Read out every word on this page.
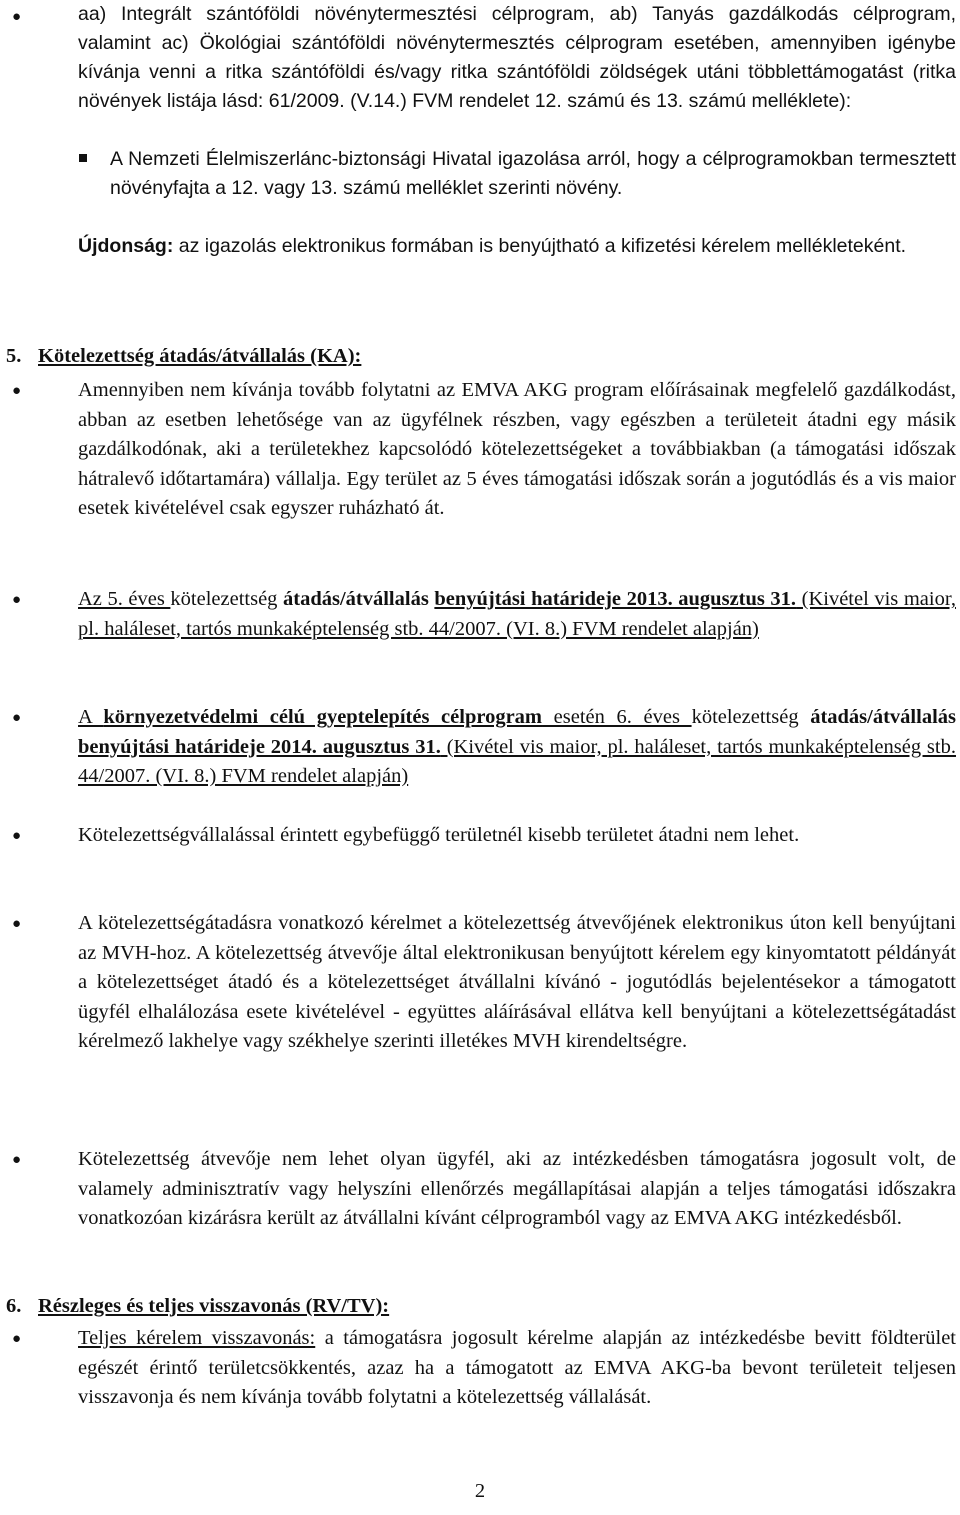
●	aa) Integrált szántóföldi növénytermesztési célprogram, ab) Tanyás gazdálkodás célprogram, valamint ac) Ökológiai szántóföldi növénytermesztés célprogram esetében, amennyiben igénybe kívánja venni a ritka szántóföldi és/vagy ritka szántóföldi zöldségek utáni többlettámogatást (ritka növények listája lásd: 61/2009. (V.14.) FVM rendelet 12. számú és 13. számú melléklete):
A Nemzeti Élelmiszerlánc-biztonsági Hivatal igazolása arról, hogy a célprogramokban termesztett növényfajta a 12. vagy 13. számú melléklet szerinti növény.
Újdonság: az igazolás elektronikus formában is benyújtható a kifizetési kérelem mellékleteként.
5. Kötelezettség átadás/átvállalás (KA):
●	Amennyiben nem kívánja tovább folytatni az EMVA AKG program előírásainak megfelelő gazdálkodást, abban az esetben lehetősége van az ügyfélnek részben, vagy egészben a területeit átadni egy másik gazdálkodónak, aki a területekhez kapcsolódó kötelezettségeket a továbbiakban (a támogatási időszak hátralevő időtartamára) vállalja. Egy terület az 5 éves támogatási időszak során a jogutódlás és a vis maior esetek kivételével csak egyszer ruházható át.
●	Az 5. éves kötelezettség átadás/átvállalás benyújtási határideje 2013. augusztus 31. (Kivétel vis maior, pl. haláleset, tartós munkaképtelenség stb. 44/2007. (VI. 8.) FVM rendelet alapján)
●	A környezetvédelmi célú gyeptelepítés célprogram esetén 6. éves kötelezettség átadás/átvállalás benyújtási határideje 2014. augusztus 31. (Kivétel vis maior, pl. haláleset, tartós munkaképtelenség stb. 44/2007. (VI. 8.) FVM rendelet alapján)
●	Kötelezettségvállalással érintett egybefüggő területnél kisebb területet átadni nem lehet.
●	A kötelezettségátadásra vonatkozó kérelmet a kötelezettség átvevőjének elektronikus úton kell benyújtani az MVH-hoz. A kötelezettség átvevője által elektronikusan benyújtott kérelem egy kinyomtatott példányát a kötelezettséget átadó és a kötelezettséget átvállalni kívánó - jogutódlás bejelentésekor a támogatott ügyfél elhalálozása esete kivételével - együttes aláírásával ellátva kell benyújtani a kötelezettségátadást kérelmező lakhelye vagy székhelye szerinti illetékes MVH kirendeltségre.
●	Kötelezettség átvevője nem lehet olyan ügyfél, aki az intézkedésben támogatásra jogosult volt, de valamely adminisztratív vagy helyszíni ellenőrzés megállapításai alapján a teljes támogatási időszakra vonatkozóan kizárásra került az átvállalni kívánt célprogramból vagy az EMVA AKG intézkedésből.
6. Részleges és teljes visszavonás (RV/TV):
●	Teljes kérelem visszavonás: a támogatásra jogosult kérelme alapján az intézkedésbe bevitt földterület egészét érintő területcsökkentés, azaz ha a támogatott az EMVA AKG-ba bevont területeit teljesen visszavonja és nem kívánja tovább folytatni a kötelezettség vállalását.
2
